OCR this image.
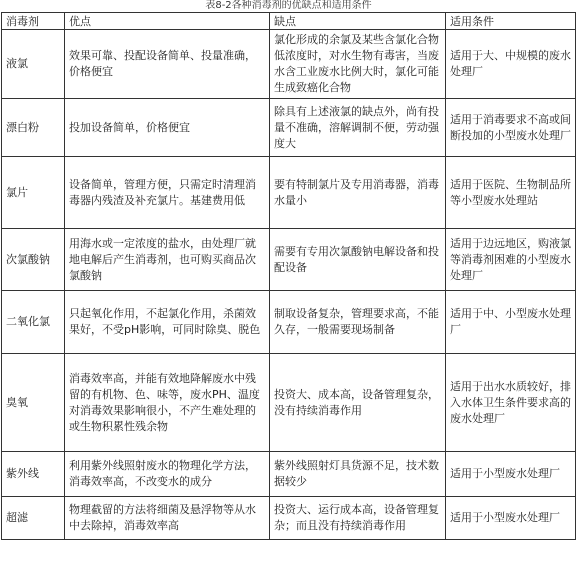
表8-2各种消毒剂的优缺点和适用条件
消毒剂	优点	缺点	适用条件
液氯	效果可靠、投配设备简单、投量准确，价格便宜	氯化形成的余氯及某些含氯化合物低浓度时，对水生物有毒害，当废水含工业废水比例大时，氯化可能生成致癌化合物	适用于大、中规模的废水处理厂
漂白粉	投加设备简单，价格便宜	除具有上述液氯的缺点外，尚有投量不准确，溶解调制不便，劳动强度大	适用于消毒要求不高或间断投加的小型废水处理厂
氯片	设备简单，管理方便，只需定时清理消毒器内残渣及补充氯片。基建费用低	要有特制氯片及专用消毒器，消毒水量小	适用于医院、生物制品所等小型废水处理站
次氯酸钠	用海水或一定浓度的盐水，由处理厂就地电解后产生消毒剂，也可购买商品次氯酸钠	需要有专用次氯酸钠电解设备和投配设备	适用于边远地区，购液氯等消毒剂困难的小型废水处理厂
二氧化氯	只起氧化作用，不起氯化作用，杀菌效果好，不受pH影响，可同时除臭、脱色	制取设备复杂，管理要求高，不能久存，一般需要现场制备	适用于中、小型废水处理厂
臭氧	消毒效率高，并能有效地降解废水中残留的有机物、色、味等，废水PH、温度对消毒效果影响很小，不产生难处理的或生物积累性残余物	投资大、成本高，设备管理复杂，没有持续消毒作用	适用于出水水质较好，排入水体卫生条件要求高的废水处理厂
紫外线	利用紫外线照射废水的物理化学方法，消毒效率高，不改变水的成分	紫外线照射灯具货源不足，技术数据较少	适用于小型废水处理厂
超滤	物理截留的方法将细菌及悬浮物等从水中去除掉，消毒效率高	投资大、运行成本高，设备管理复杂；而且没有持续消毒作用	适用于小型废水处理厂
